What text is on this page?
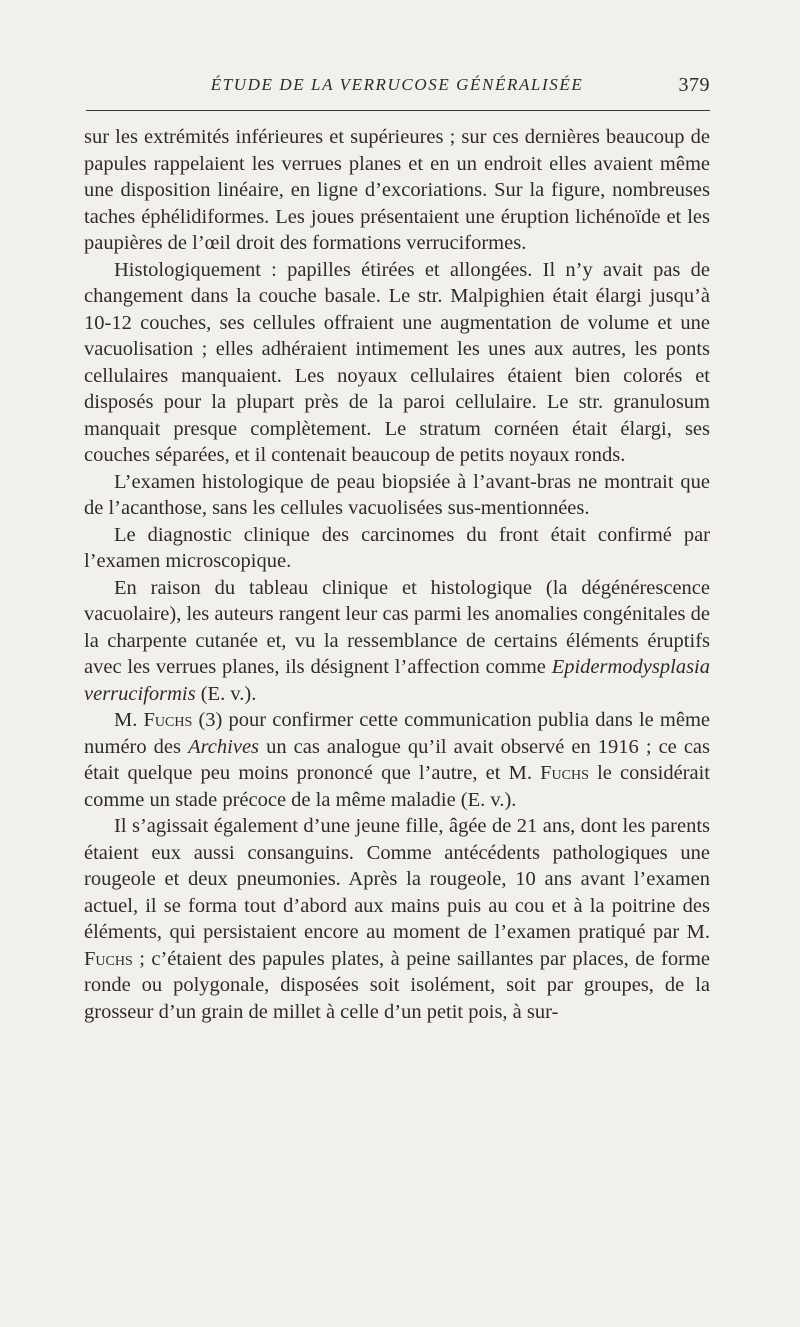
ÉTUDE DE LA VERRUCOSE GÉNÉRALISÉE	379

sur les extrémités inférieures et supérieures ; sur ces dernières beaucoup de papules rappelaient les verrues planes et en un endroit elles avaient même une disposition linéaire, en ligne d’excoriations. Sur la figure, nombreuses taches éphélidiformes. Les joues présentaient une éruption lichénoïde et les paupières de l’œil droit des formations verruciformes.

Histologiquement : papilles étirées et allongées. Il n’y avait pas de changement dans la couche basale. Le str. Malpighien était élargi jusqu’à 10-12 couches, ses cellules offraient une augmentation de volume et une vacuolisation ; elles adhéraient intimement les unes aux autres, les ponts cellulaires manquaient. Les noyaux cellulaires étaient bien colorés et disposés pour la plupart près de la paroi cellulaire. Le str. granulosum manquait presque complètement. Le stratum cornéen était élargi, ses couches séparées, et il contenait beaucoup de petits noyaux ronds.

L’examen histologique de peau biopsiée à l’avant-bras ne montrait que de l’acanthose, sans les cellules vacuolisées sus-mentionnées.

Le diagnostic clinique des carcinomes du front était confirmé par l’examen microscopique.

En raison du tableau clinique et histologique (la dégénérescence vacuolaire), les auteurs rangent leur cas parmi les anomalies congénitales de la charpente cutanée et, vu la ressemblance de certains éléments éruptifs avec les verrues planes, ils désignent l’affection comme Epidermodysplasia verruciformis (E. v.).

M. Fuchs (3) pour confirmer cette communication publia dans le même numéro des Archives un cas analogue qu’il avait observé en 1916 ; ce cas était quelque peu moins prononcé que l’autre, et M. Fuchs le considérait comme un stade précoce de la même maladie (E. v.).

Il s’agissait également d’une jeune fille, âgée de 21 ans, dont les parents étaient eux aussi consanguins. Comme antécédents pathologiques une rougeole et deux pneumonies. Après la rougeole, 10 ans avant l’examen actuel, il se forma tout d’abord aux mains puis au cou et à la poitrine des éléments, qui persistaient encore au moment de l’examen pratiqué par M. Fuchs ; c’étaient des papules plates, à peine saillantes par places, de forme ronde ou polygonale, disposées soit isolément, soit par groupes, de la grosseur d’un grain de millet à celle d’un petit pois, à sur-
